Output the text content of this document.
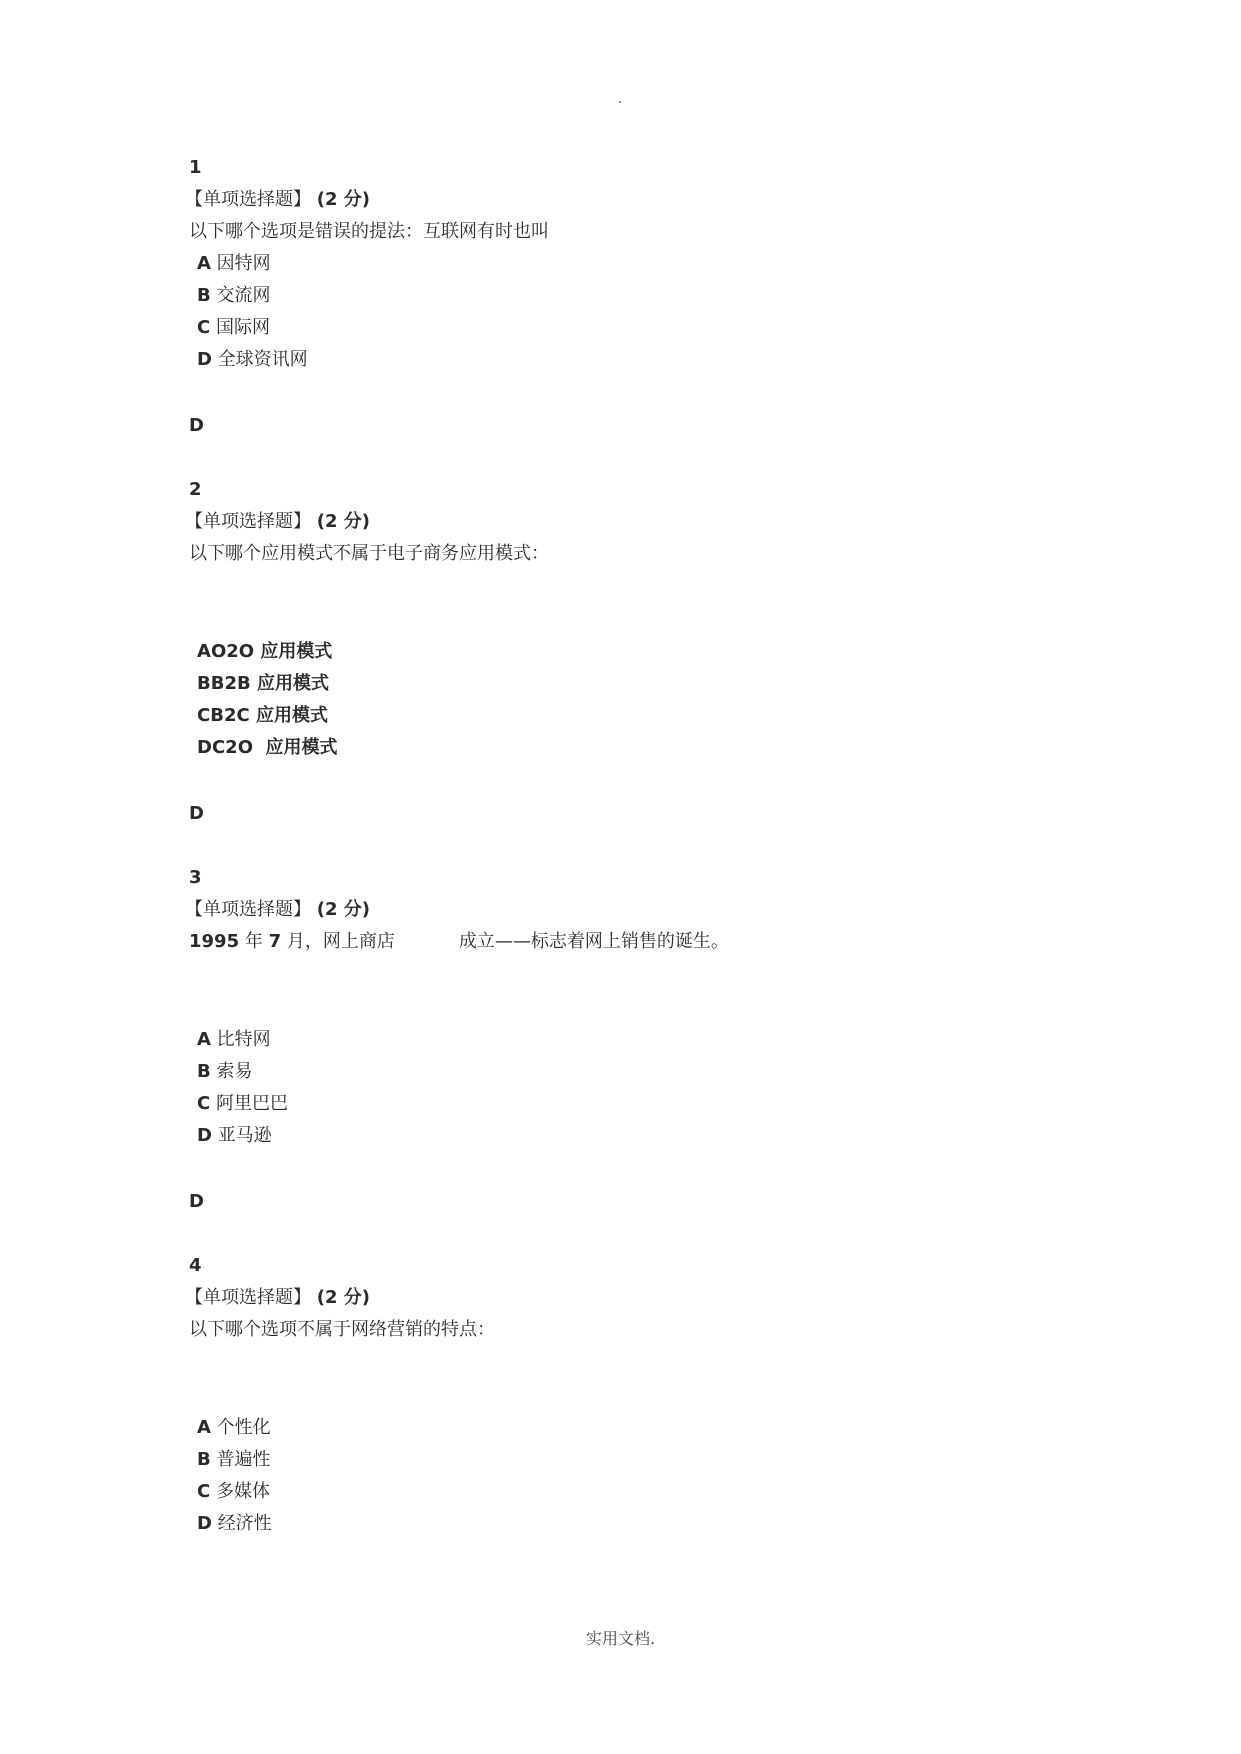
1
【单项选择题】 (2 分)
以下哪个选项是错误的提法：互联网有时也叫
A 因特网
B 交流网
C 国际网
D 全球资讯网
D
2
【单项选择题】 (2 分)
以下哪个应用模式不属于电子商务应用模式：
AO2O 应用模式
BB2B 应用模式
CB2C 应用模式
DC2O  应用模式
D
3
【单项选择题】 (2 分)
1995 年 7 月，网上商店	成立——标志着网上销售的诞生。
A 比特网
B 索易
C 阿里巴巴
D 亚马逊
D
4
【单项选择题】 (2 分)
以下哪个选项不属于网络营销的特点：
A 个性化
B 普遍性
C 多媒体
D 经济性
实用文档.
